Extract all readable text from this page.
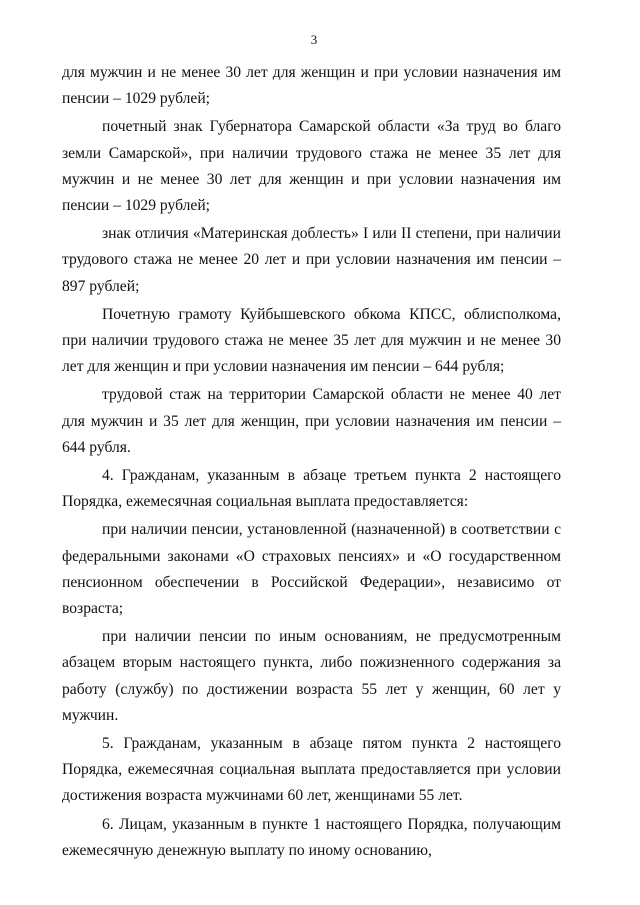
3

для мужчин и не менее 30 лет для женщин и при условии назначения им пенсии – 1029 рублей;

почетный знак Губернатора Самарской области «За труд во благо земли Самарской», при наличии трудового стажа не менее 35 лет для мужчин и не менее 30 лет для женщин и при условии назначения им пенсии – 1029 рублей;

знак отличия «Материнская доблесть» I или II степени, при наличии трудового стажа не менее 20 лет и при условии назначения им пенсии – 897 рублей;

Почетную грамоту Куйбышевского обкома КПСС, облисполкома, при наличии трудового стажа не менее 35 лет для мужчин и не менее 30 лет для женщин и при условии назначения им пенсии – 644 рубля;

трудовой стаж на территории Самарской области не менее 40 лет для мужчин и 35 лет для женщин, при условии назначения им пенсии – 644 рубля.

4. Гражданам, указанным в абзаце третьем пункта 2 настоящего Порядка, ежемесячная социальная выплата предоставляется:

при наличии пенсии, установленной (назначенной) в соответствии с федеральными законами «О страховых пенсиях» и «О государственном пенсионном обеспечении в Российской Федерации», независимо от возраста;

при наличии пенсии по иным основаниям, не предусмотренным абзацем вторым настоящего пункта, либо пожизненного содержания за работу (службу) по достижении возраста 55 лет у женщин, 60 лет у мужчин.

5. Гражданам, указанным в абзаце пятом пункта 2 настоящего Порядка, ежемесячная социальная выплата предоставляется при условии достижения возраста мужчинами 60 лет, женщинами 55 лет.

6. Лицам, указанным в пункте 1 настоящего Порядка, получающим ежемесячную денежную выплату по иному основанию,
